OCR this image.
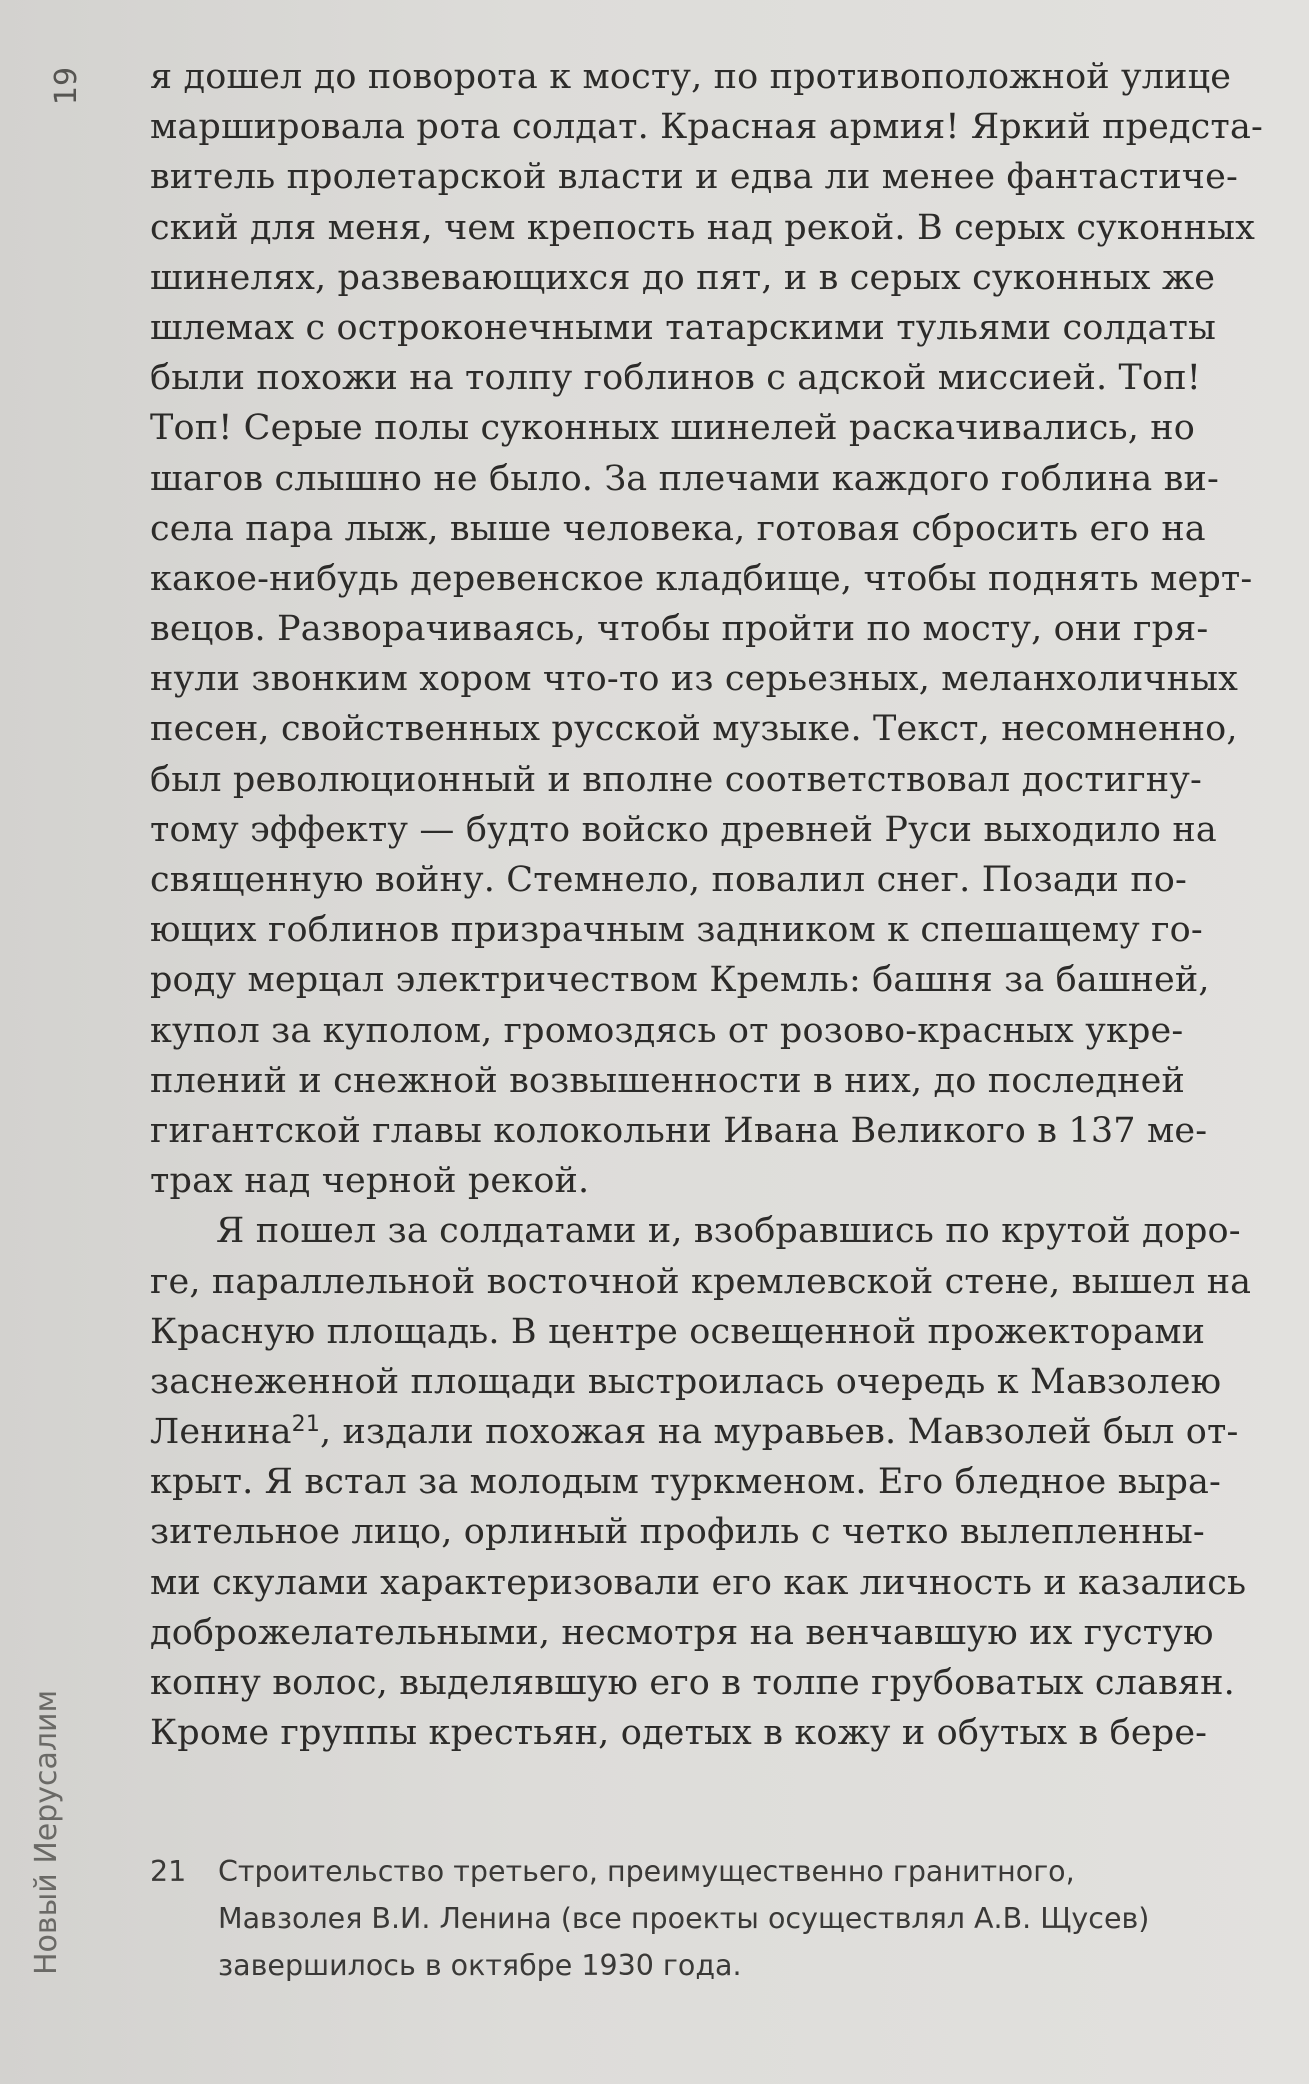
19
Новый Иерусалим
я дошел до поворота к мосту, по противоположной улице
маршировала рота солдат. Красная армия! Яркий предста-
витель пролетарской власти и едва ли менее фантастиче-
ский для меня, чем крепость над рекой. В серых суконных
шинелях, развевающихся до пят, и в серых суконных же
шлемах с остроконечными татарскими тульями солдаты
были похожи на толпу гоблинов с адской миссией. Топ!
Топ! Серые полы суконных шинелей раскачивались, но
шагов слышно не было. За плечами каждого гоблина ви-
села пара лыж, выше человека, готовая сбросить его на
какое-нибудь деревенское кладбище, чтобы поднять мерт-
вецов. Разворачиваясь, чтобы пройти по мосту, они гря-
нули звонким хором что-то из серьезных, меланхоличных
песен, свойственных русской музыке. Текст, несомненно,
был революционный и вполне соответствовал достигну-
тому эффекту — будто войско древней Руси выходило на
священную войну. Стемнело, повалил снег. Позади по-
ющих гоблинов призрачным задником к спешащему го-
роду мерцал электричеством Кремль: башня за башней,
купол за куполом, громоздясь от розово-красных укре-
плений и снежной возвышенности в них, до последней
гигантской главы колокольни Ивана Великого в 137 ме-
трах над черной рекой.
Я пошел за солдатами и, взобравшись по крутой доро-
ге, параллельной восточной кремлевской стене, вышел на
Красную площадь. В центре освещенной прожекторами
заснеженной площади выстроилась очередь к Мавзолею
Ленина$^{21}$, издали похожая на муравьев. Мавзолей был от-
крыт. Я встал за молодым туркменом. Его бледное выра-
зительное лицо, орлиный профиль с четко вылепленны-
ми скулами характеризовали его как личность и казались
доброжелательными, несмотря на венчавшую их густую
копну волос, выделявшую его в толпе грубоватых славян.
Кроме группы крестьян, одетых в кожу и обутых в бере-
21	Строительство третьего, преимущественно гранитного,
Мавзолея В.И. Ленина (все проекты осуществлял А.В. Щусев)
завершилось в октябре 1930 года.
